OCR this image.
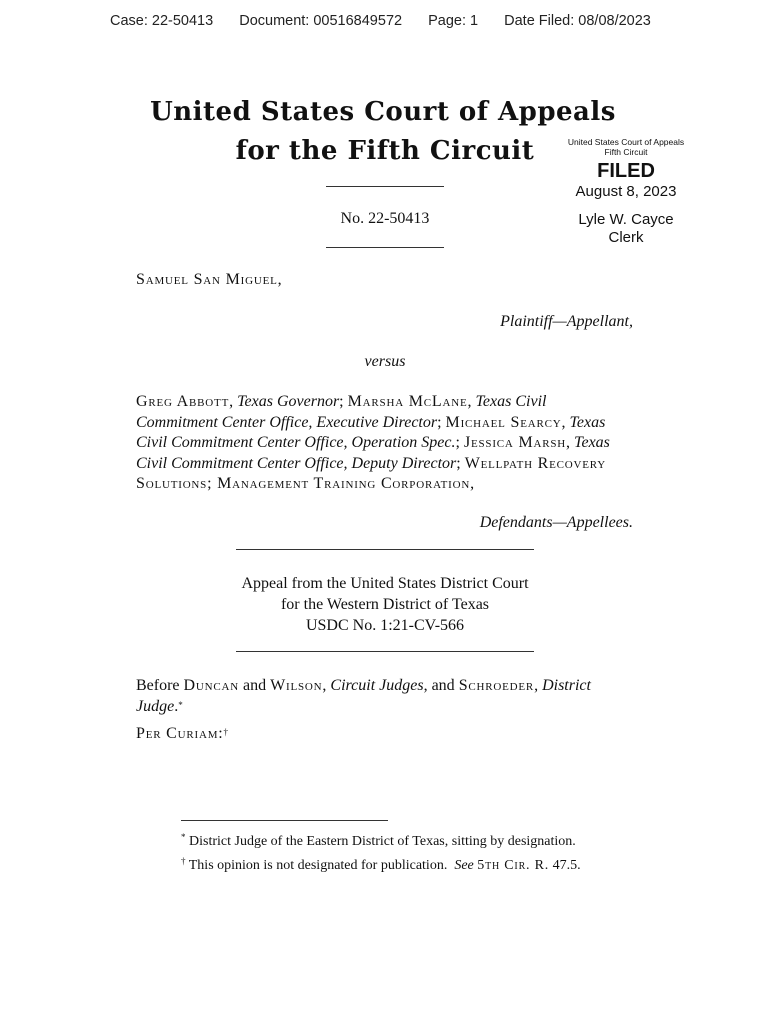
Case: 22-50413 Document: 00516849572 Page: 1 Date Filed: 08/08/2023
United States Court of Appeals
for the Fifth Circuit	United States Court of Appeals
Fifth Circuit
FILED
August 8, 2023
Lyle W. Cayce
Clerk
No. 22-50413
Samuel San Miguel,
Plaintiff—Appellant,
versus
Greg Abbott, Texas Governor; Marsha McLane, Texas Civil
Commitment Center Office, Executive Director; Michael Searcy, Texas
Civil Commitment Center Office, Operation Spec.; Jessica Marsh, Texas
Civil Commitment Center Office, Deputy Director; Wellpath Recovery
Solutions; Management Training Corporation,
Defendants—Appellees.
Appeal from the United States District Court
for the Western District of Texas
USDC No. 1:21-CV-566
Before Duncan and Wilson, Circuit Judges, and Schroeder, District
Judge.*
Per Curiam:†
* District Judge of the Eastern District of Texas, sitting by designation.
† This opinion is not designated for publication.  See 5th Cir. R. 47.5.
